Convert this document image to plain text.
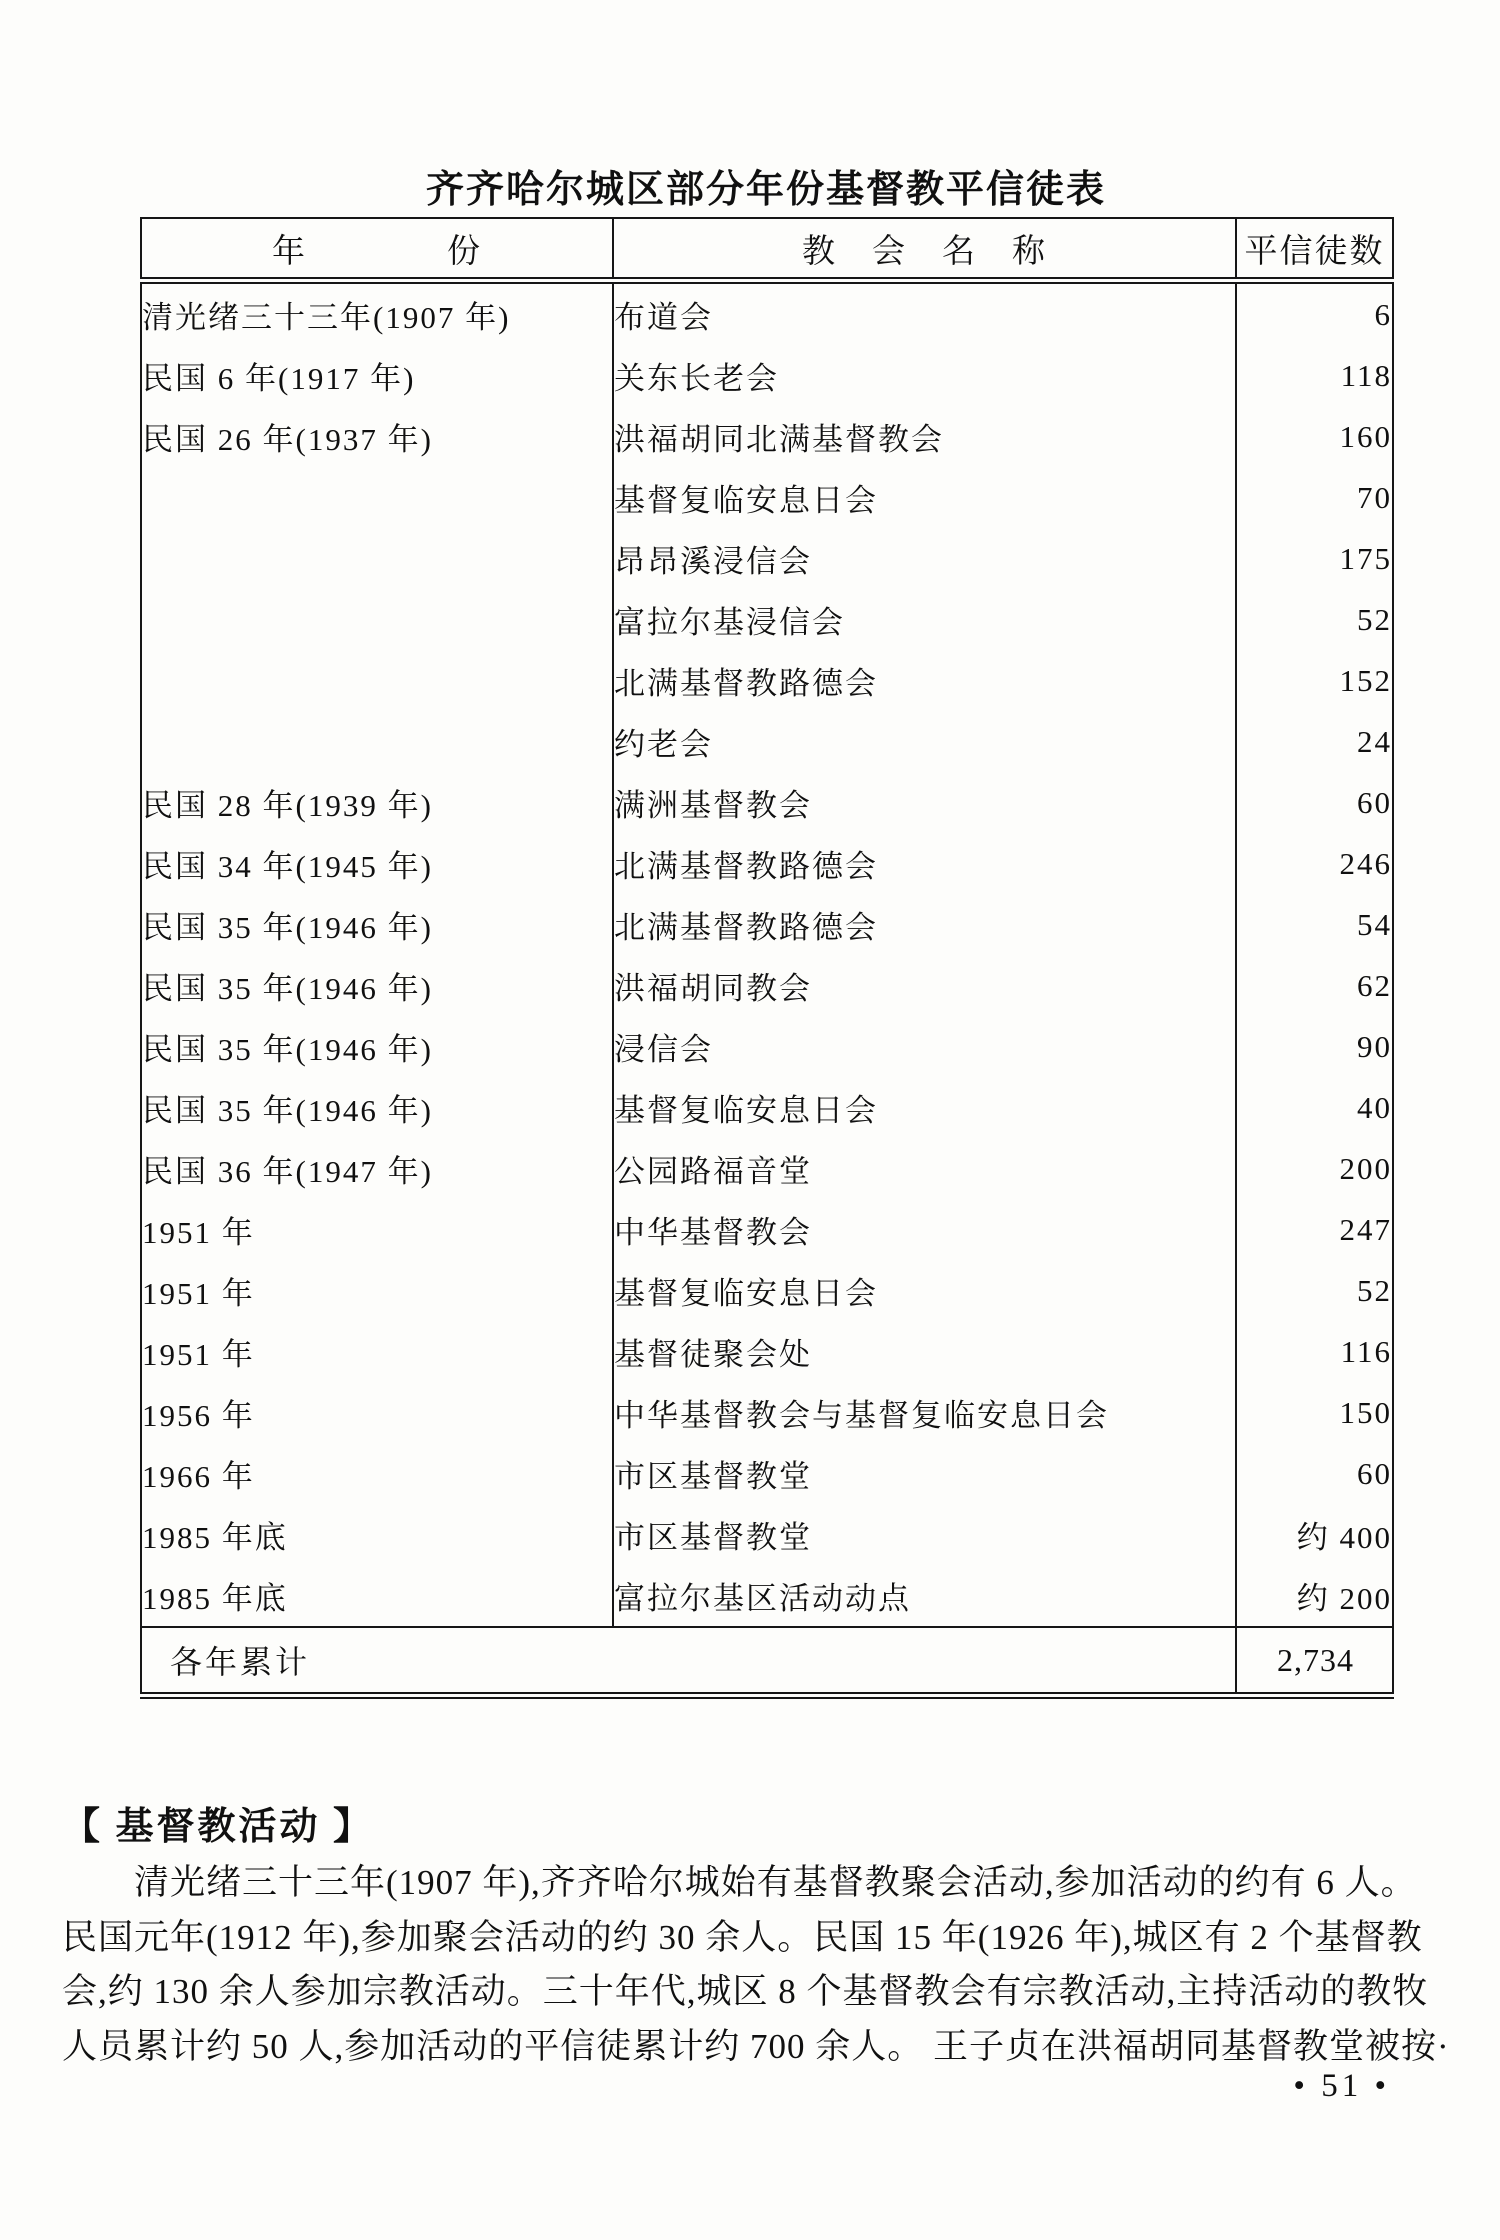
齐齐哈尔城区部分年份基督教平信徒表
年　　　　份	教　会　名　称	平信徒数
清光绪三十三年(1907 年)	布道会	6
民国 6 年(1917 年)	关东长老会	118
民国 26 年(1937 年)	洪福胡同北满基督教会	160
	基督复临安息日会	70
	昂昂溪浸信会	175
	富拉尔基浸信会	52
	北满基督教路德会	152
	约老会	24
民国 28 年(1939 年)	满洲基督教会	60
民国 34 年(1945 年)	北满基督教路德会	246
民国 35 年(1946 年)	北满基督教路德会	54
民国 35 年(1946 年)	洪福胡同教会	62
民国 35 年(1946 年)	浸信会	90
民国 35 年(1946 年)	基督复临安息日会	40
民国 36 年(1947 年)	公园路福音堂	200
1951 年	中华基督教会	247
1951 年	基督复临安息日会	52
1951 年	基督徒聚会处	116
1956 年	中华基督教会与基督复临安息日会	150
1966 年	市区基督教堂	60
1985 年底	市区基督教堂	约 400
1985 年底	富拉尔基区活动动点	约 200
各年累计		2,734
【 基督教活动 】
清光绪三十三年(1907 年),齐齐哈尔城始有基督教聚会活动,参加活动的约有 6 人。
民国元年(1912 年),参加聚会活动的约 30 余人。民国 15 年(1926 年),城区有 2 个基督教
会,约 130 余人参加宗教活动。三十年代,城区 8 个基督教会有宗教活动,主持活动的教牧
人员累计约 50 人,参加活动的平信徒累计约 700 余人。 王子贞在洪福胡同基督教堂被按·
• 51 •
